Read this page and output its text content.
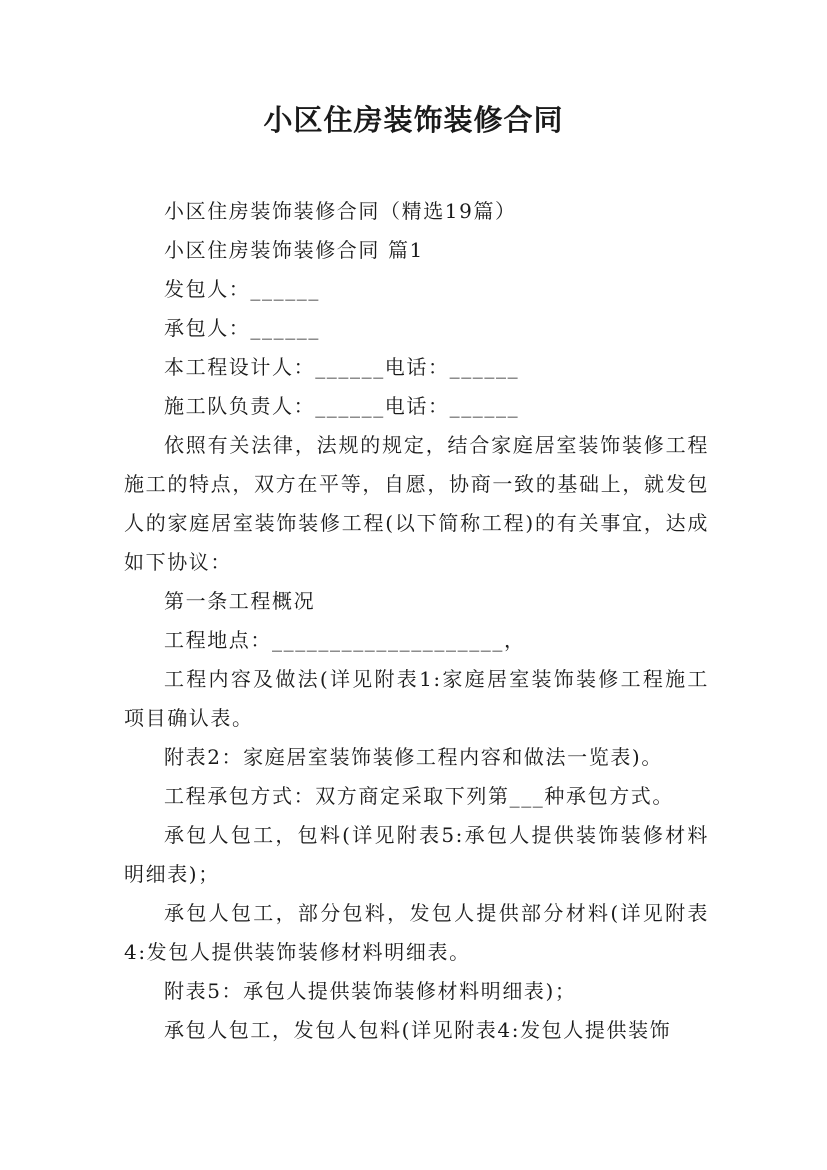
小区住房装饰装修合同

小区住房装饰装修合同（精选19篇）

小区住房装饰装修合同 篇1

发包人：______

承包人：______

本工程设计人：______电话：______

施工队负责人：______电话：______

依照有关法律，法规的规定，结合家庭居室装饰装修工程施工的特点，双方在平等，自愿，协商一致的基础上，就发包人的家庭居室装饰装修工程(以下简称工程)的有关事宜，达成如下协议：

第一条工程概况

工程地点：____________________，

工程内容及做法(详见附表1:家庭居室装饰装修工程施工项目确认表。

附表2：家庭居室装饰装修工程内容和做法一览表)。

工程承包方式：双方商定采取下列第___种承包方式。

承包人包工，包料(详见附表5:承包人提供装饰装修材料明细表)；

承包人包工，部分包料，发包人提供部分材料(详见附表4:发包人提供装饰装修材料明细表。

附表5：承包人提供装饰装修材料明细表)；

承包人包工，发包人包料(详见附表4:发包人提供装饰
